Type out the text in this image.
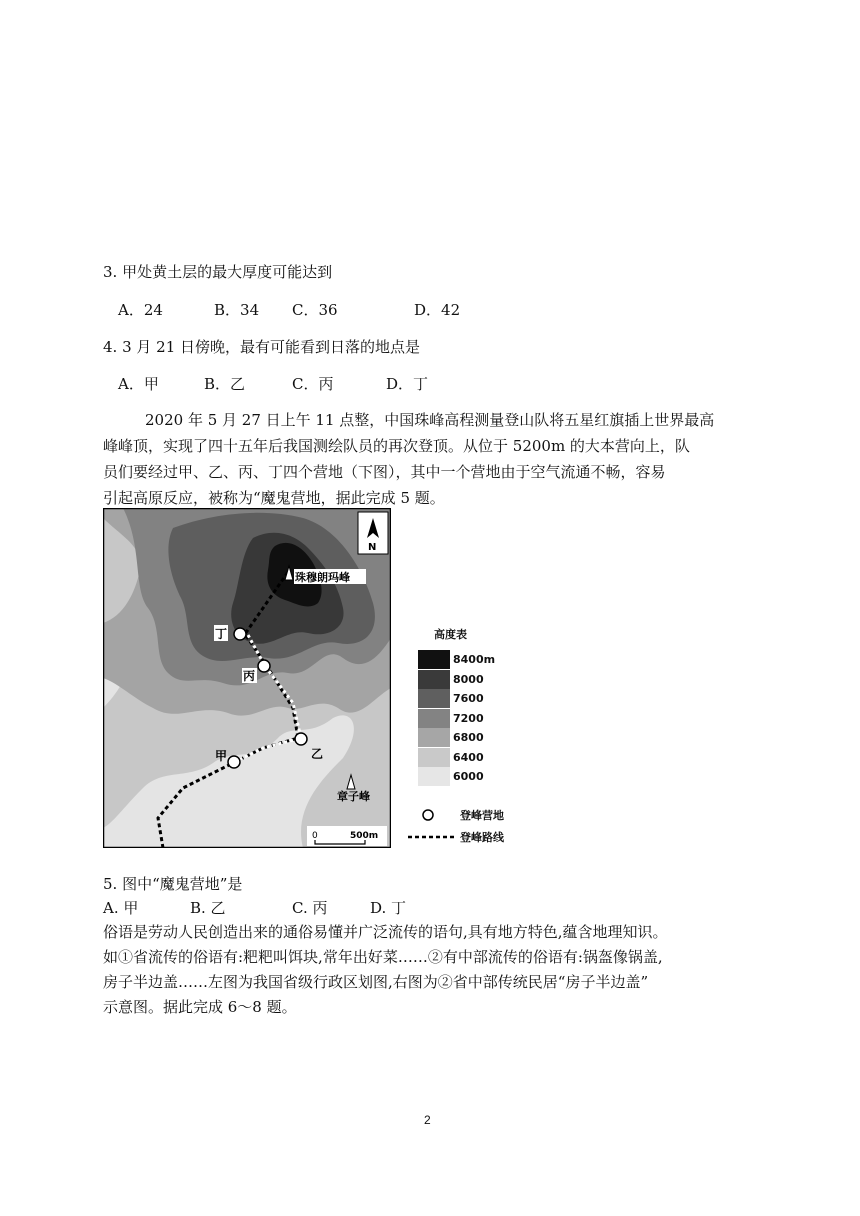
3. 甲处黄土层的最大厚度可能达到
A．24	B．34 C．36	D．42
4. 3 月 21 日傍晚，最有可能看到日落的地点是
A．甲	B．乙	C．丙	D．丁
2020 年 5 月 27 日上午 11 点整，中国珠峰高程测量登山队将五星红旗插上世界最高
峰峰顶，实现了四十五年后我国测绘队员的再次登顶。从位于 5200m 的大本营向上，队
员们要经过甲、乙、丙、丁四个营地（下图），其中一个营地由于空气流通不畅，容易
引起高原反应，被称为“魔鬼营地，据此完成 5 题。
丁
丙
乙
甲
珠穆朗玛峰
章子峰
N
0	500m
高度表
8400m
8000
7600
7200
6800
6400
6000
登峰营地
登峰路线
5. 图中“魔鬼营地”是
A. 甲	B. 乙	C. 丙	D. 丁
俗语是劳动人民创造出来的通俗易懂并广泛流传的语句,具有地方特色,蕴含地理知识。
如①省流传的俗语有:粑粑叫饵块,常年出好菜……②有中部流传的俗语有:锅盔像锅盖,
房子半边盖……左图为我国省级行政区划图,右图为②省中部传统民居“房子半边盖”
示意图。据此完成 6～8 题。
2
